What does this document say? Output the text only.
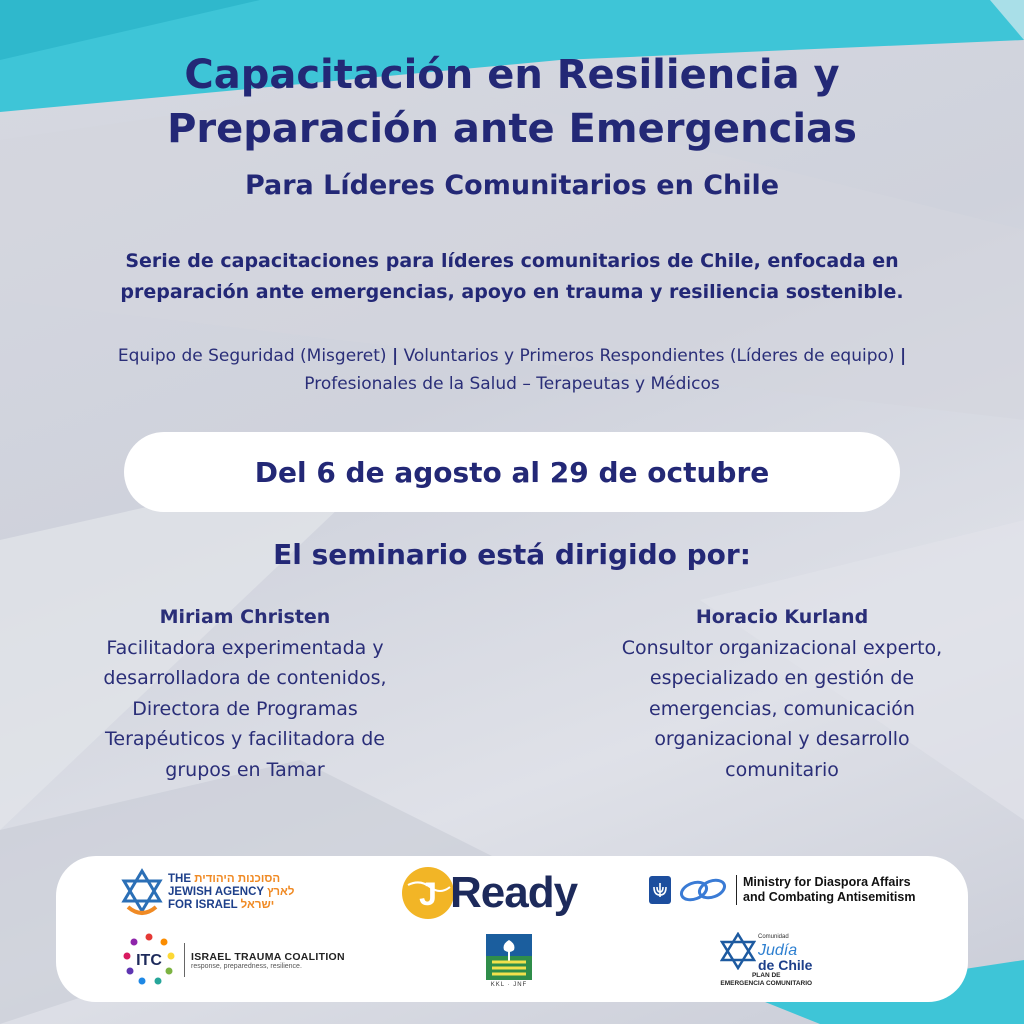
Capacitación en Resiliencia y
Preparación ante Emergencias
Para Líderes Comunitarios en Chile
Serie de capacitaciones para líderes comunitarios de Chile, enfocada en
preparación ante emergencias, apoyo en trauma y resiliencia sostenible.
Equipo de Seguridad (Misgeret) | Voluntarios y Primeros Respondientes (Líderes de equipo) |
Profesionales de la Salud – Terapeutas y Médicos
Del 6 de agosto al 29 de octubre
El seminario está dirigido por:
Miriam Christen
Facilitadora experimentada y
desarrolladora de contenidos,
Directora de Programas
Terapéuticos y facilitadora de
grupos en Tamar
Horacio Kurland
Consultor organizacional experto,
especializado en gestión de
emergencias, comunicación
organizacional y desarrollo
comunitario
THE הסוכנות היהודית
JEWISH AGENCY לארץ
FOR ISRAEL ישראל	J Ready	Ministry for Diaspora Affairs
and Combating Antisemitism
ITC	ISRAEL TRAUMA COALITION
response, preparedness, resilience.
KKL · JNF
Comunidad
Judía
de Chile
PLAN DE
EMERGENCIA COMUNITARIO
